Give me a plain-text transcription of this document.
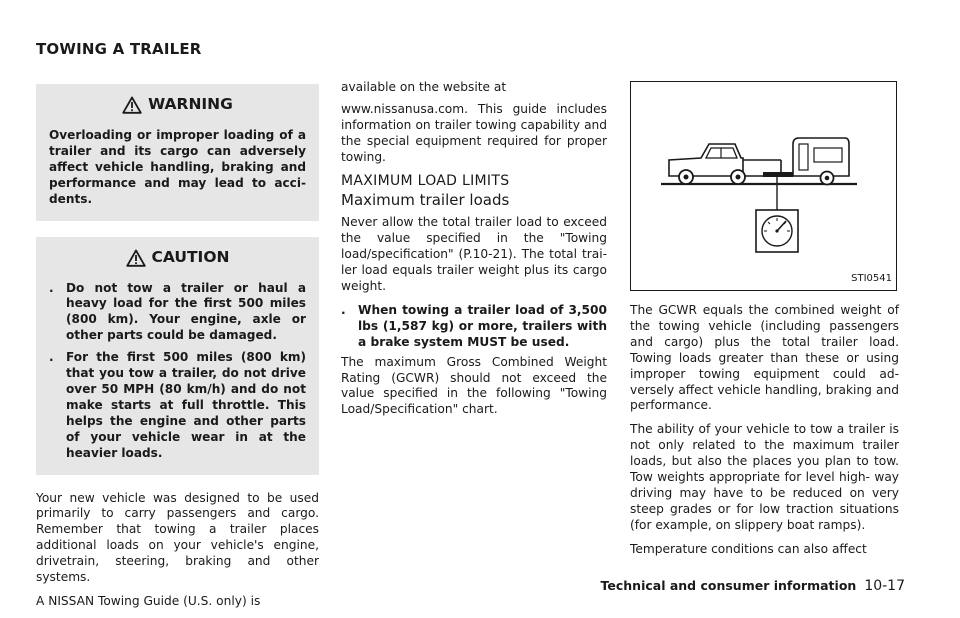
TOWING A TRAILER
WARNING
Overloading or improper loading of a trailer and its cargo can adversely affect vehicle handling, braking and performance and may lead to acci- dents.
CAUTION
.	Do not tow a trailer or haul a heavy load for the first 500 miles (800 km). Your engine, axle or other parts could be damaged.
.	For the first 500 miles (800 km) that you tow a trailer, do not drive over 50 MPH (80 km/h) and do not make starts at full throttle. This helps the engine and other parts of your vehicle wear in at the heavier loads.

Your new vehicle was designed to be used primarily to carry passengers and cargo. Remember that towing a trailer places additional loads on your vehicle's engine, drivetrain, steering, braking and other systems.

A NISSAN Towing Guide (U.S. only) is

available on the website at

www.nissanusa.com. This guide includes information on trailer towing capability and the special equipment required for proper towing.

MAXIMUM LOAD LIMITS
Maximum trailer loads

Never allow the total trailer load to exceed the value specified in the "Towing load/specification" (P.10-21). The total trai- ler load equals trailer weight plus its cargo weight.

.	When towing a trailer load of 3,500 lbs (1,587 kg) or more, trailers with a brake system MUST be used.

The maximum Gross Combined Weight Rating (GCWR) should not exceed the value specified in the following "Towing Load/Specification" chart.

STI0541

The GCWR equals the combined weight of the towing vehicle (including passengers and cargo) plus the total trailer load. Towing loads greater than these or using improper towing equipment could ad- versely affect vehicle handling, braking and performance.

The ability of your vehicle to tow a trailer is not only related to the maximum trailer loads, but also the places you plan to tow. Tow weights appropriate for level high- way driving may have to be reduced on very steep grades or for low traction situations (for example, on slippery boat ramps).

Temperature conditions can also affect

Technical and consumer information 10-17
